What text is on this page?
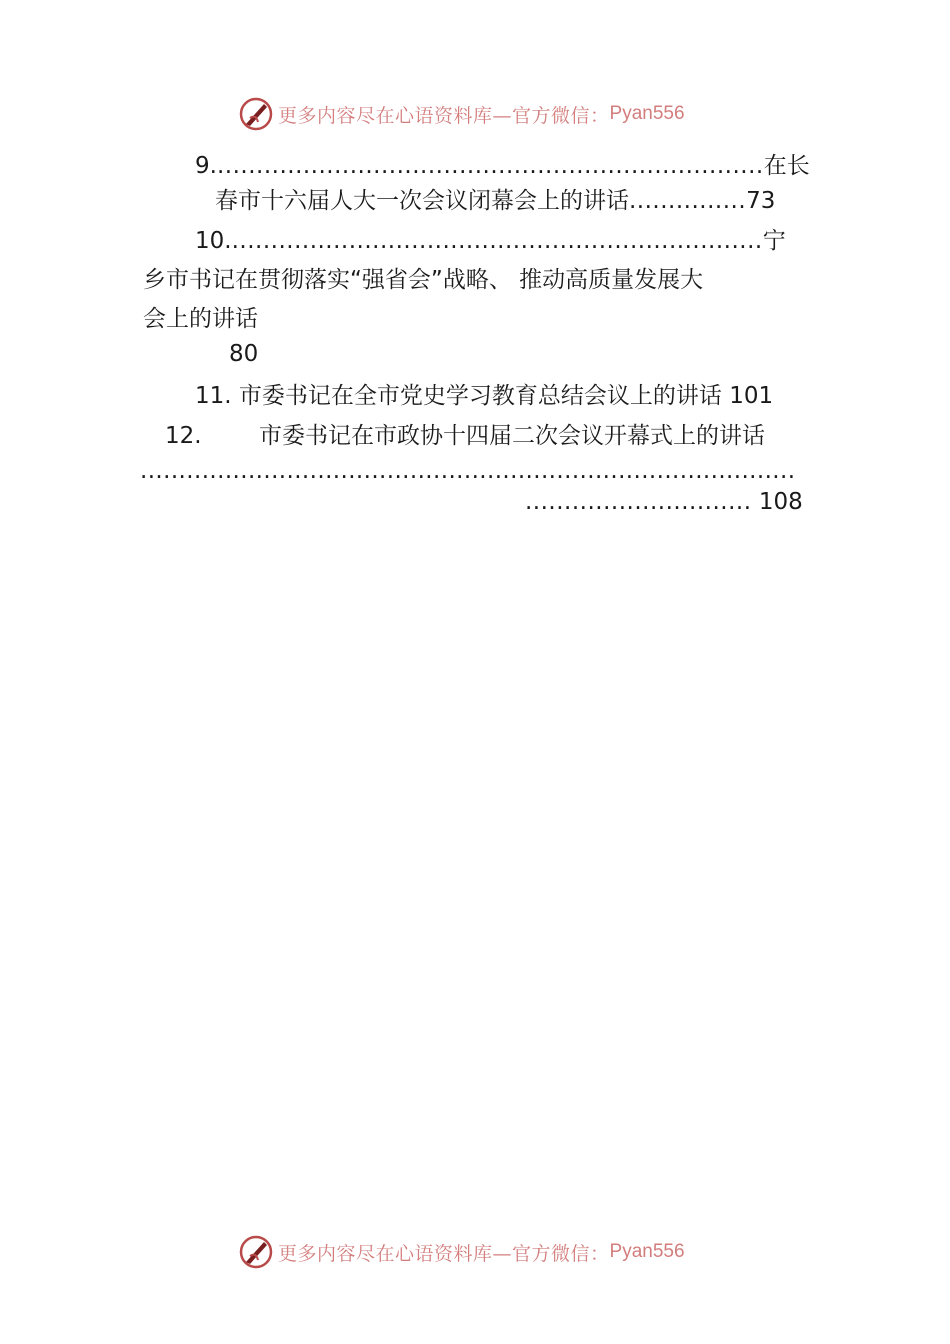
更多内容尽在心语资料库—官方微信： Pyan556
9.......................................................................在长
春市十六届人大一次会议闭幕会上的讲话...............73
10.....................................................................宁
乡市书记在贯彻落实“强省会”战略、 推动高质量发展大
会上的讲话
80
11. 市委书记在全市党史学习教育总结会议上的讲话 101
12. 市委书记在市政协十四届二次会议开幕式上的讲话
.....................................................................................
............................. 108
更多内容尽在心语资料库—官方微信： Pyan556
